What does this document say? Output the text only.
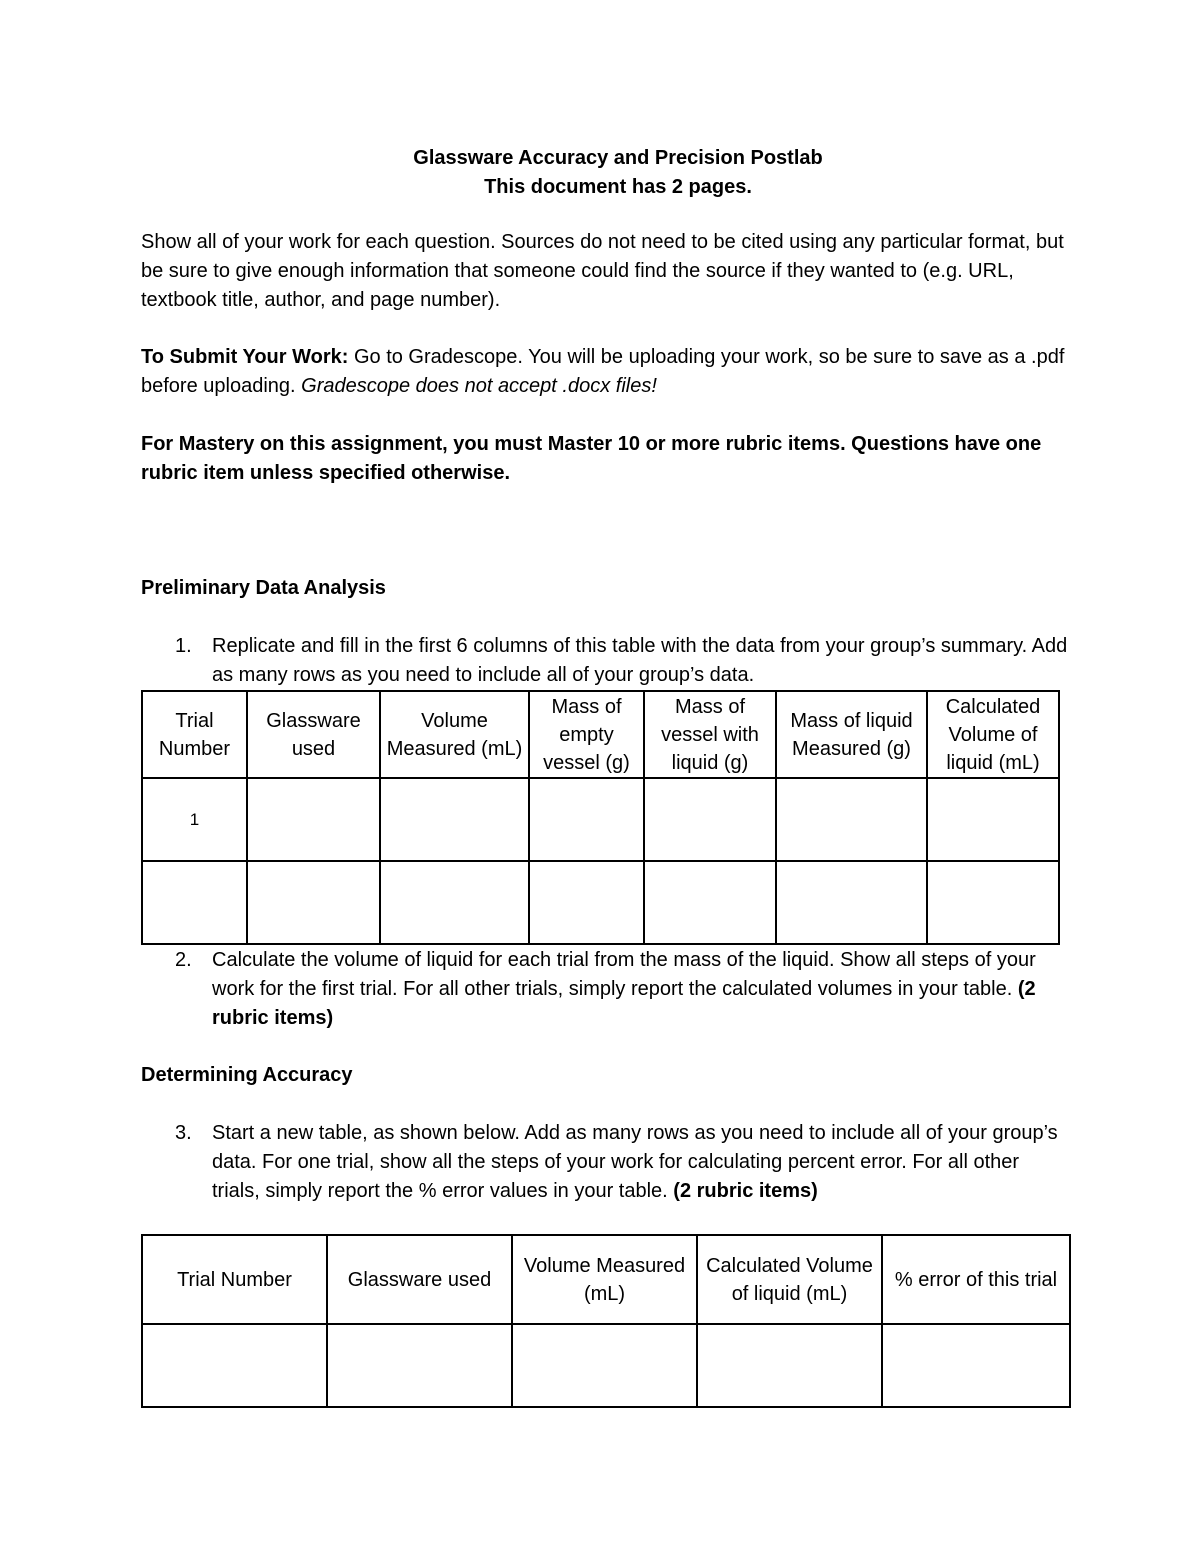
Glassware Accuracy and Precision Postlab
This document has 2 pages.
Show all of your work for each question. Sources do not need to be cited using any particular format, but be sure to give enough information that someone could find the source if they wanted to (e.g. URL, textbook title, author, and page number).
To Submit Your Work: Go to Gradescope. You will be uploading your work, so be sure to save as a .pdf before uploading. Gradescope does not accept .docx files!
For Mastery on this assignment, you must Master 10 or more rubric items. Questions have one rubric item unless specified otherwise.
Preliminary Data Analysis
1. Replicate and fill in the first 6 columns of this table with the data from your group’s summary. Add as many rows as you need to include all of your group’s data.
Trial Number	Glassware used	Volume Measured (mL)	Mass of empty vessel (g)	Mass of vessel with liquid (g)	Mass of liquid Measured (g)	Calculated Volume of liquid (mL)
1						

2. Calculate the volume of liquid for each trial from the mass of the liquid. Show all steps of your work for the first trial. For all other trials, simply report the calculated volumes in your table. (2 rubric items)
Determining Accuracy
3. Start a new table, as shown below. Add as many rows as you need to include all of your group’s data. For one trial, show all the steps of your work for calculating percent error. For all other trials, simply report the % error values in your table. (2 rubric items)
Trial Number	Glassware used	Volume Measured (mL)	Calculated Volume of liquid (mL)	% error of this trial
